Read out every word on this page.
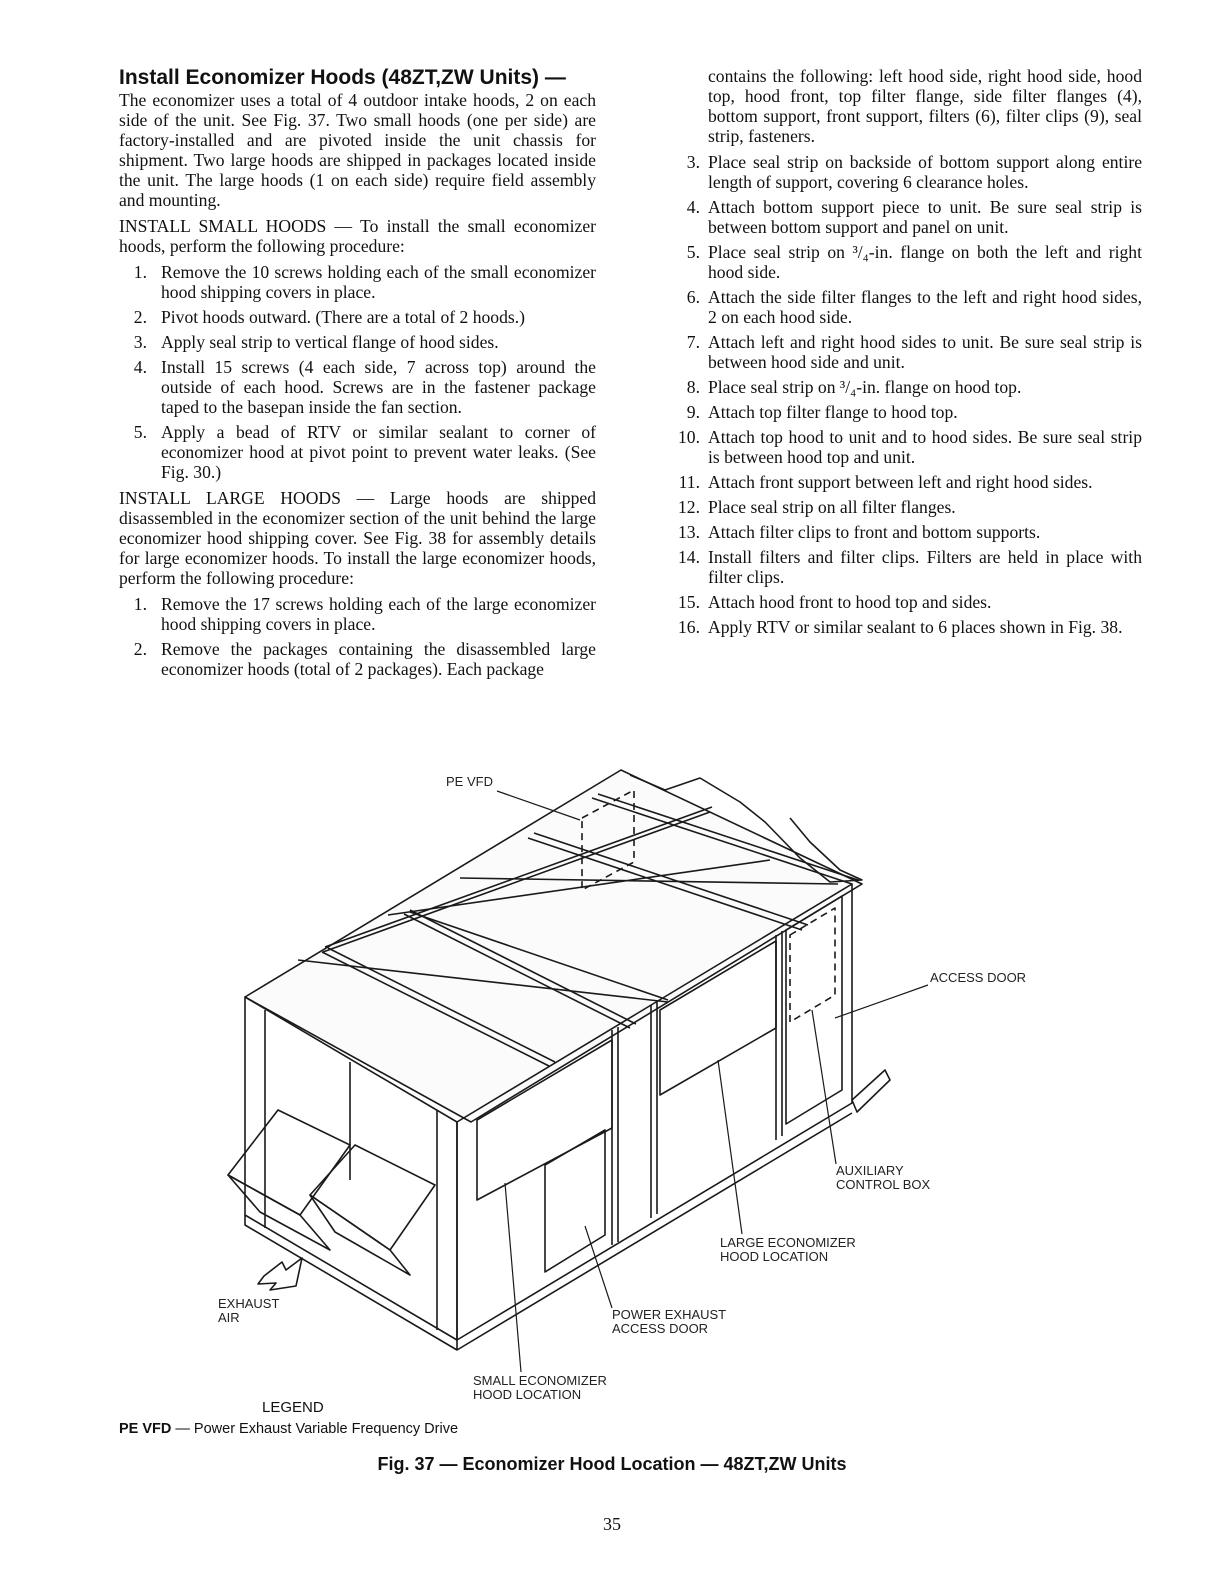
Install Economizer Hoods (48ZT,ZW Units) —

The economizer uses a total of 4 outdoor intake hoods, 2 on each side of the unit. See Fig. 37. Two small hoods (one per side) are factory-installed and are pivoted inside the unit chassis for shipment. Two large hoods are shipped in packages located inside the unit. The large hoods (1 on each side) require field assembly and mounting.

INSTALL SMALL HOODS — To install the small economizer hoods, perform the following procedure:

1. Remove the 10 screws holding each of the small economizer hood shipping covers in place.
2. Pivot hoods outward. (There are a total of 2 hoods.)
3. Apply seal strip to vertical flange of hood sides.
4. Install 15 screws (4 each side, 7 across top) around the outside of each hood. Screws are in the fastener package taped to the basepan inside the fan section.
5. Apply a bead of RTV or similar sealant to corner of economizer hood at pivot point to prevent water leaks. (See Fig. 30.)

INSTALL LARGE HOODS — Large hoods are shipped disassembled in the economizer section of the unit behind the large economizer hood shipping cover. See Fig. 38 for assembly details for large economizer hoods. To install the large economizer hoods, perform the following procedure:

1. Remove the 17 screws holding each of the large economizer hood shipping covers in place.
2. Remove the packages containing the disassembled large economizer hoods (total of 2 packages). Each package

contains the following: left hood side, right hood side, hood top, hood front, top filter flange, side filter flanges (4), bottom support, front support, filters (6), filter clips (9), seal strip, fasteners.

3. Place seal strip on backside of bottom support along entire length of support, covering 6 clearance holes.
4. Attach bottom support piece to unit. Be sure seal strip is between bottom support and panel on unit.
5. Place seal strip on ³/₄-in. flange on both the left and right hood side.
6. Attach the side filter flanges to the left and right hood sides, 2 on each hood side.
7. Attach left and right hood sides to unit. Be sure seal strip is between hood side and unit.
8. Place seal strip on ³/₄-in. flange on hood top.
9. Attach top filter flange to hood top.
10. Attach top hood to unit and to hood sides. Be sure seal strip is between hood top and unit.
11. Attach front support between left and right hood sides.
12. Place seal strip on all filter flanges.
13. Attach filter clips to front and bottom supports.
14. Install filters and filter clips. Filters are held in place with filter clips.
15. Attach hood front to hood top and sides.
16. Apply RTV or similar sealant to 6 places shown in Fig. 38.
PE VFD
ACCESS DOOR
AUXILIARY
CONTROL BOX
LARGE ECONOMIZER
HOOD LOCATION
EXHAUST
AIR	POWER EXHAUST
ACCESS DOOR
SMALL ECONOMIZER
HOOD LOCATION
LEGEND
PE VFD — Power Exhaust Variable Frequency Drive
Fig. 37 — Economizer Hood Location — 48ZT,ZW Units
35
